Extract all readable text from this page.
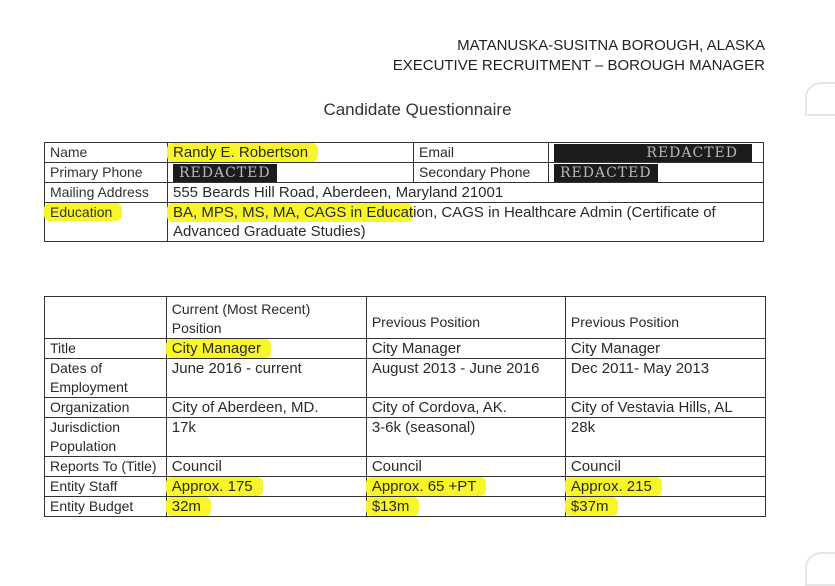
MATANUSKA-SUSITNA BOROUGH, ALASKA
EXECUTIVE RECRUITMENT – BOROUGH MANAGER
Candidate Questionnaire
Name	Randy E. Robertson	Email	REDACTED
Primary Phone	REDACTED	Secondary Phone	REDACTED
Mailing Address	555 Beards Hill Road, Aberdeen, Maryland 21001		
Education	BA, MPS, MS, MA, CAGS in Education, CAGS in Healthcare Admin (Certificate of
Advanced Graduate Studies)		
	Current (Most Recent) Position	Previous Position	Previous Position

Title	City Manager	City Manager	City Manager
Dates of Employment	June 2016 - current	August 2013 - June 2016	Dec 2011- May 2013
Organization	City of Aberdeen, MD.	City of Cordova, AK.	City of Vestavia Hills, AL
Jurisdiction Population	17k	3-6k (seasonal)	28k
Reports To (Title)	Council	Council	Council
Entity Staff	Approx. 175	Approx. 65 +PT	Approx. 215
Entity Budget	32m	$13m	$37m
